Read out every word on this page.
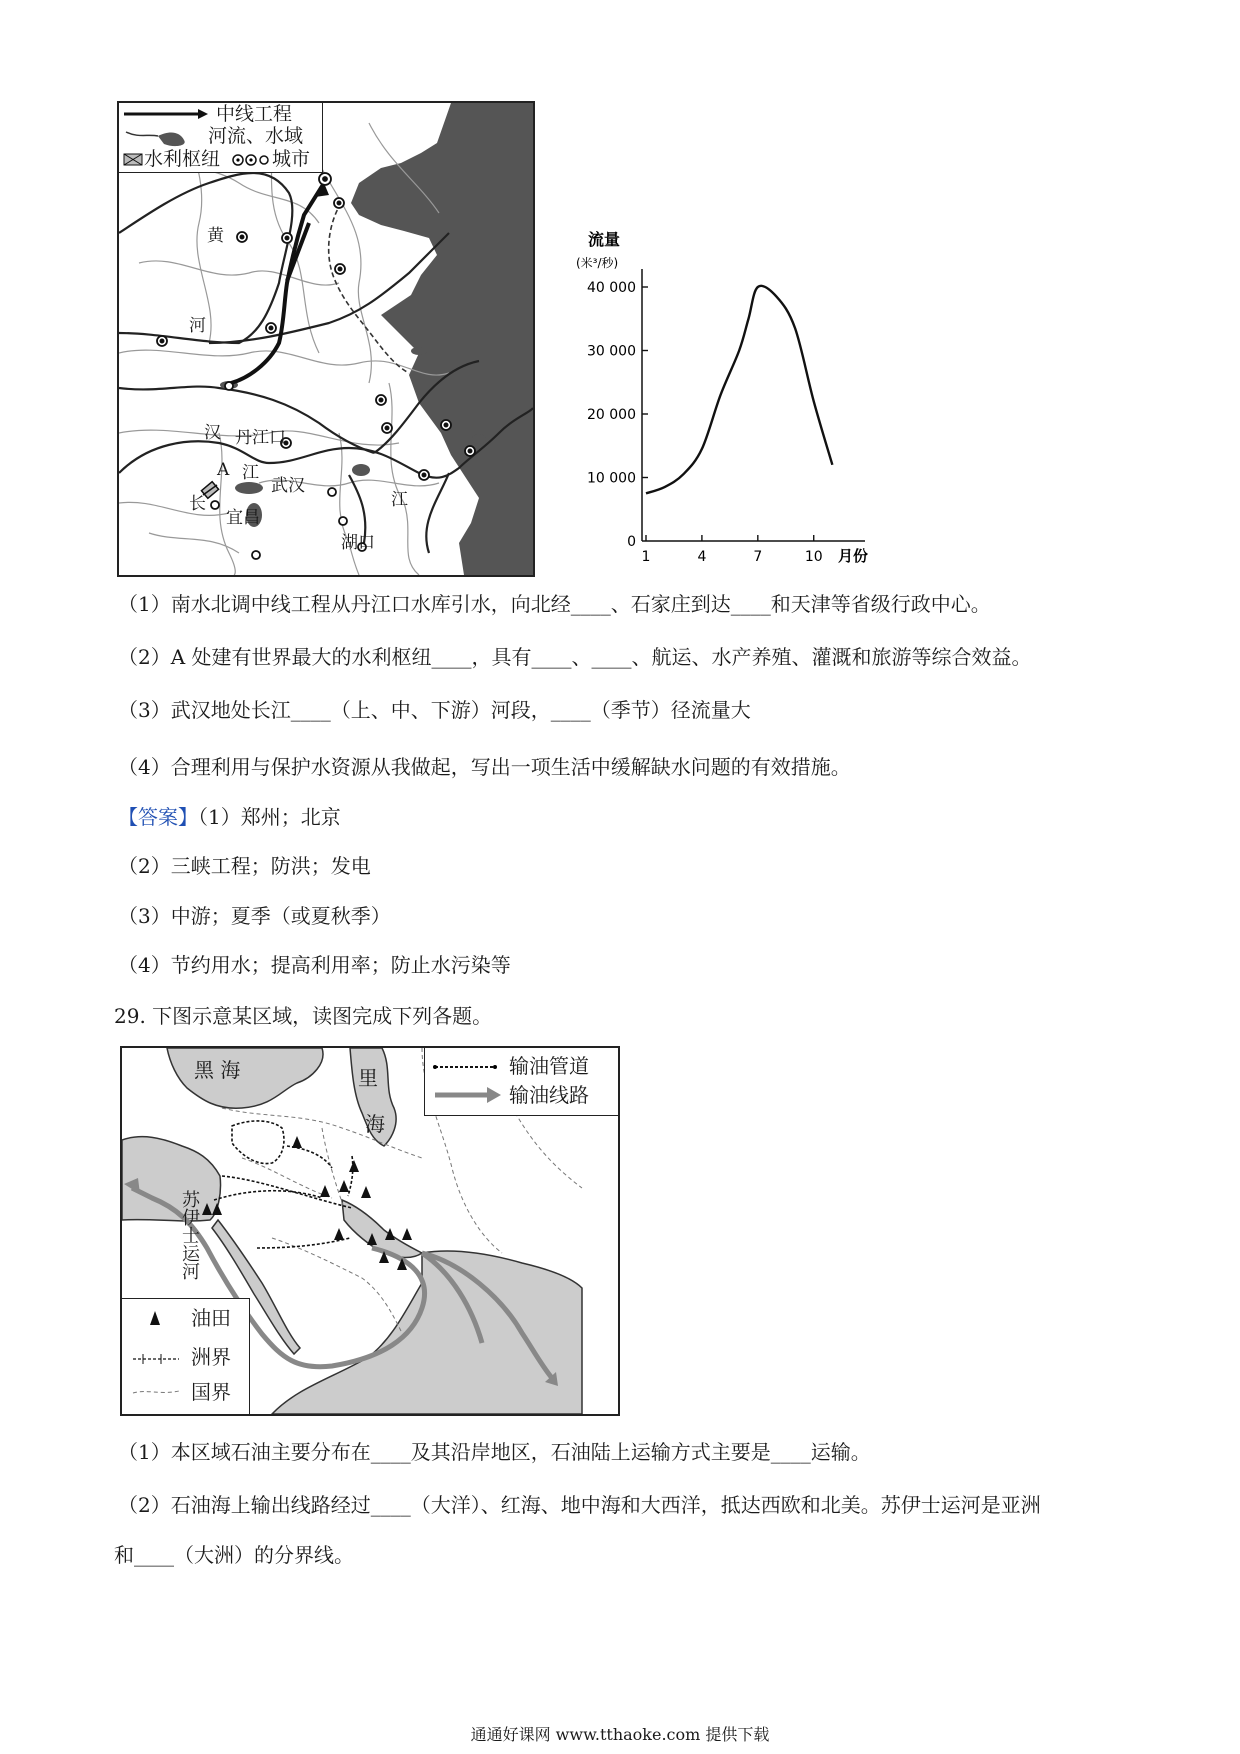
中线工程
河流、水域
水利枢纽	城市
黄
河
汉 丹江口
江
A
长
宜昌
武汉
江
湖口
流量
(米³/秒)
月份
0
10 000
20 000
30 000
40 000
1	4	7	10
（1）南水北调中线工程从丹江口水库引水，向北经____、石家庄到达____和天津等省级行政中心。
（2）A 处建有世界最大的水利枢纽____，具有____、____、航运、水产养殖、灌溉和旅游等综合效益。
（3）武汉地处长江____（上、中、下游）河段，____（季节）径流量大
（4）合理利用与保护水资源从我做起，写出一项生活中缓解缺水问题的有效措施。
【答案】（1）郑州；北京
（2）三峡工程；防洪；发电
（3）中游；夏季（或夏秋季）
（4）节约用水；提高利用率；防止水污染等
29. 下图示意某区域，读图完成下列各题。
黑 海	里
海
苏伊士运河
输油管道
输油线路
油田
洲界
国界
（1）本区域石油主要分布在____及其沿岸地区，石油陆上运输方式主要是____运输。
（2）石油海上输出线路经过____（大洋）、红海、地中海和大西洋，抵达西欧和北美。苏伊士运河是亚洲
和____（大洲）的分界线。
通通好课网 www.tthaoke.com 提供下载
